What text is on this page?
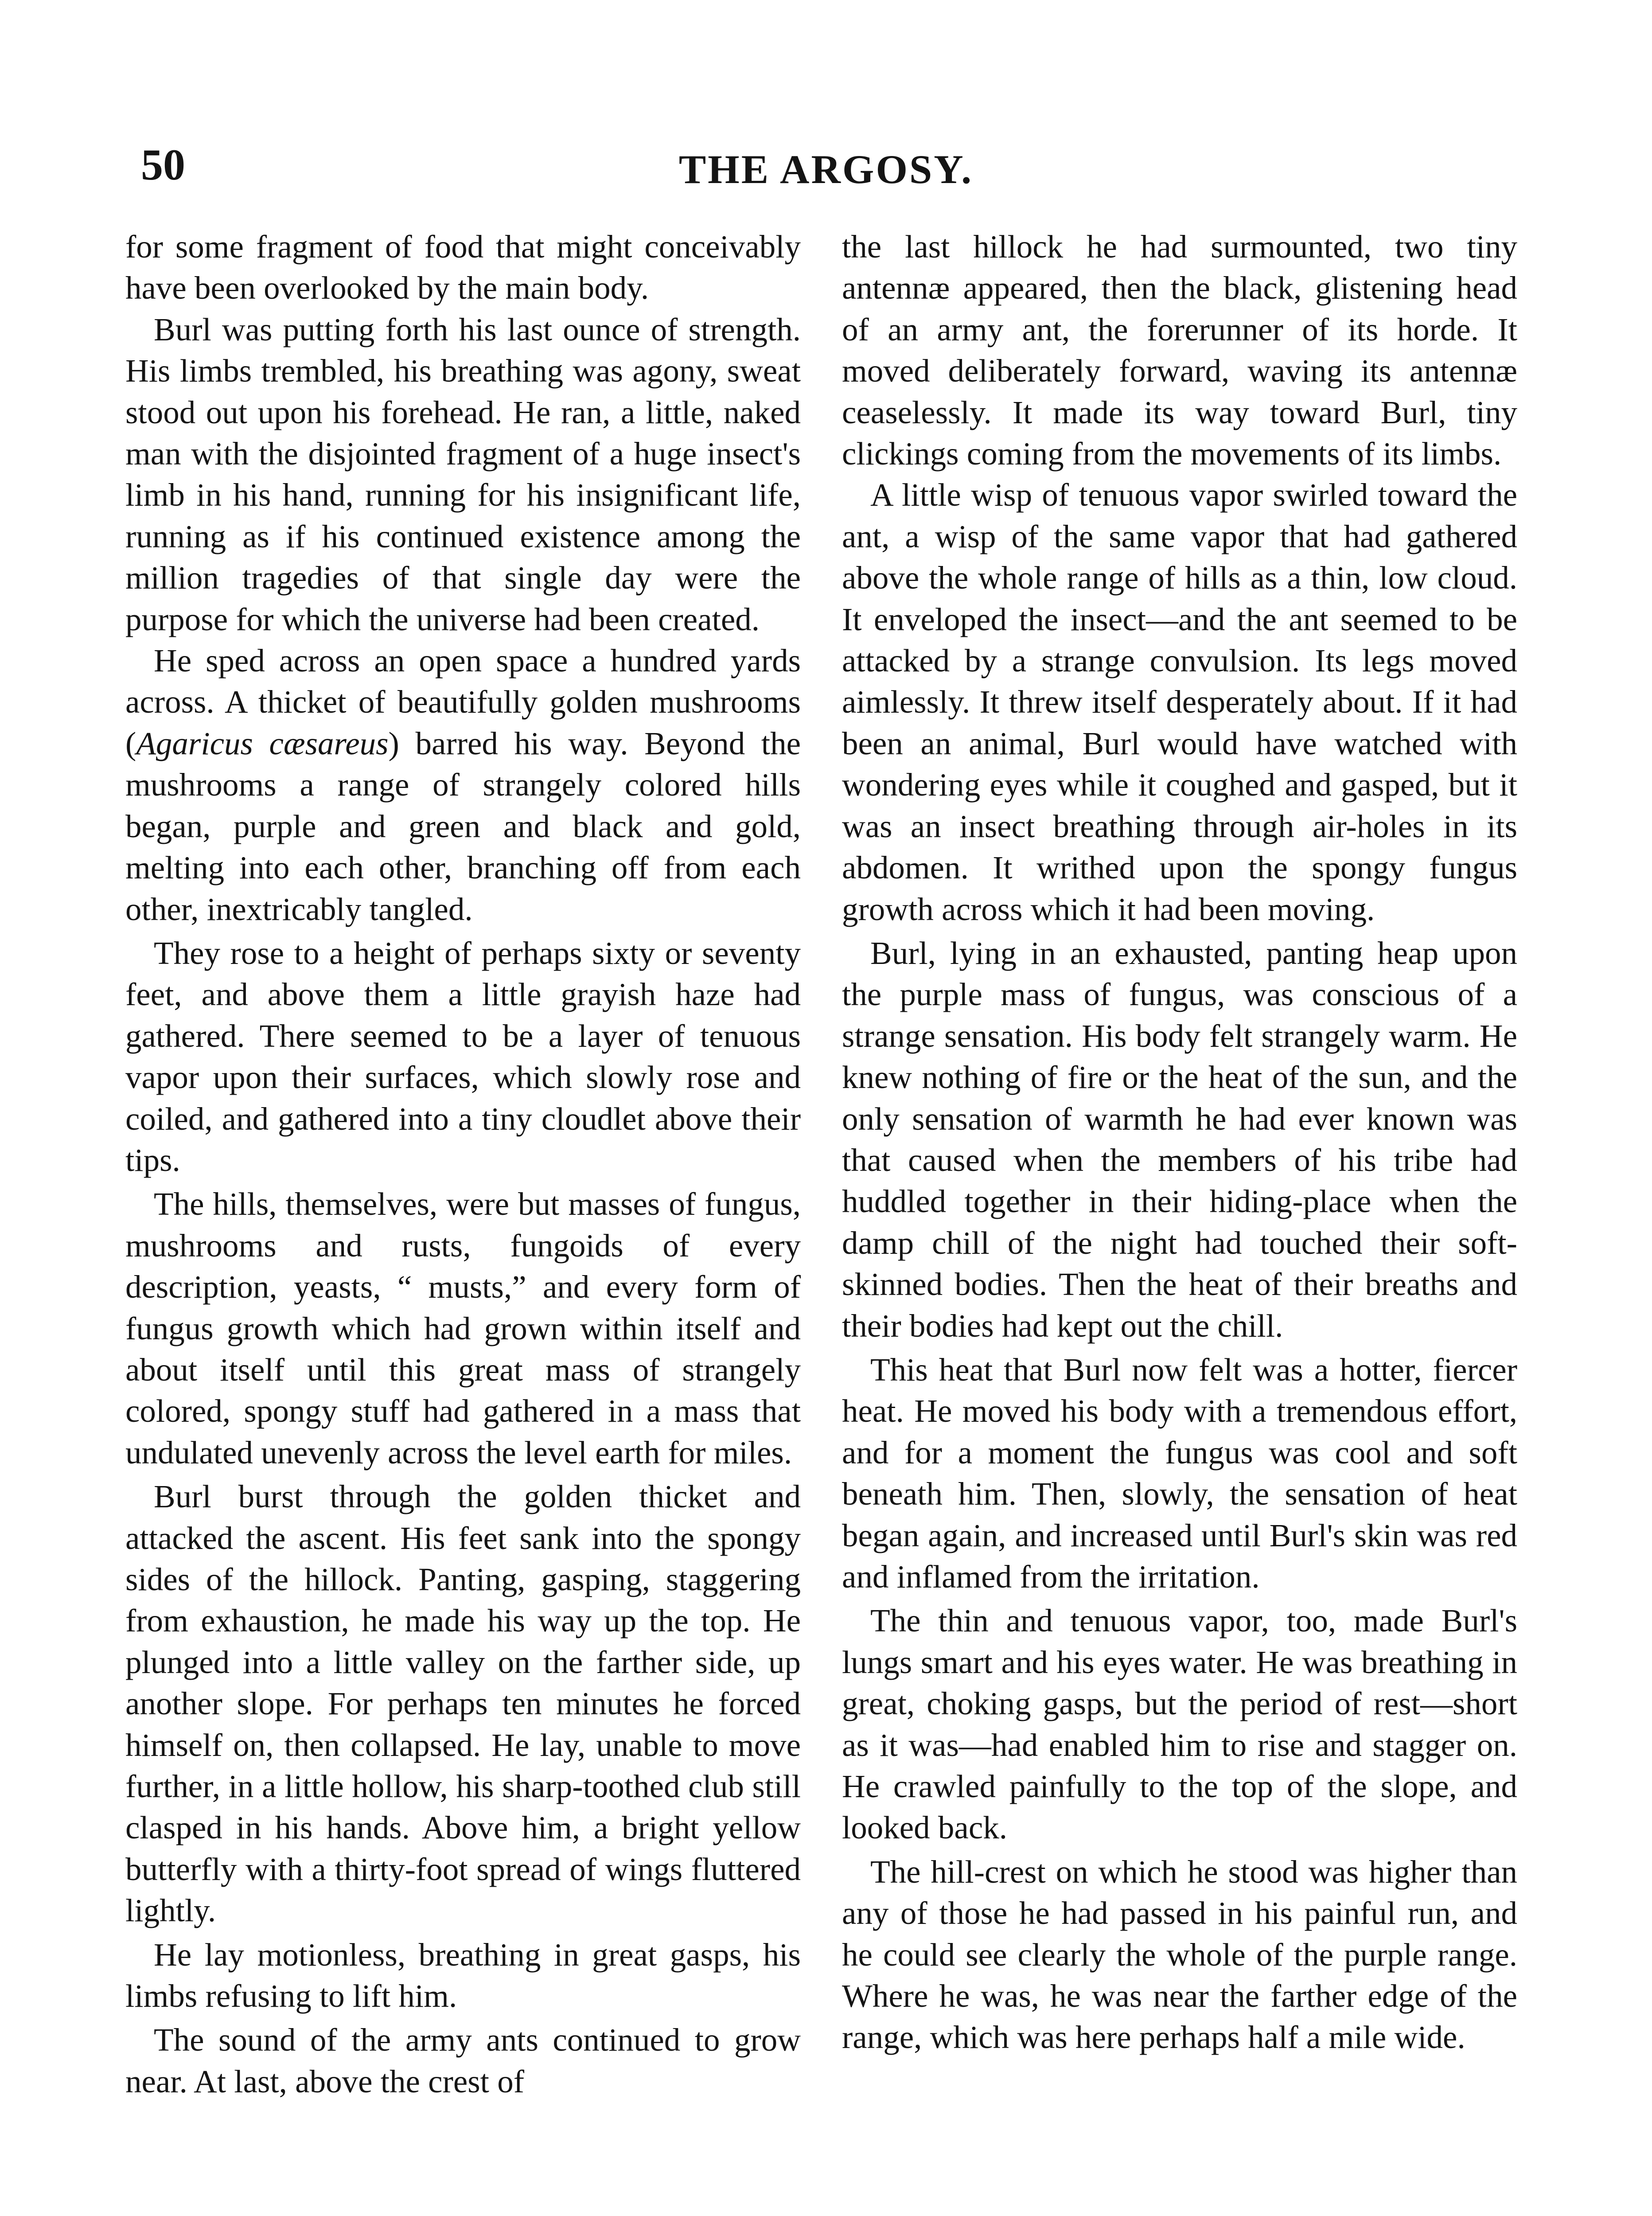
50	THE ARGOSY.

for some fragment of food that might conceivably have been overlooked by the main body.

Burl was putting forth his last ounce of strength. His limbs trembled, his breathing was agony, sweat stood out upon his forehead. He ran, a little, naked man with the disjointed fragment of a huge insect's limb in his hand, running for his insignificant life, running as if his continued existence among the million tragedies of that single day were the purpose for which the universe had been created.

He sped across an open space a hundred yards across. A thicket of beautifully golden mushrooms (Agaricus cæsareus) barred his way. Beyond the mushrooms a range of strangely colored hills began, purple and green and black and gold, melting into each other, branching off from each other, inextricably tangled.

They rose to a height of perhaps sixty or seventy feet, and above them a little grayish haze had gathered. There seemed to be a layer of tenuous vapor upon their surfaces, which slowly rose and coiled, and gathered into a tiny cloudlet above their tips.

The hills, themselves, were but masses of fungus, mushrooms and rusts, fungoids of every description, yeasts, “ musts,” and every form of fungus growth which had grown within itself and about itself until this great mass of strangely colored, spongy stuff had gathered in a mass that undulated unevenly across the level earth for miles.

Burl burst through the golden thicket and attacked the ascent. His feet sank into the spongy sides of the hillock. Panting, gasping, staggering from exhaustion, he made his way up the top. He plunged into a little valley on the farther side, up another slope. For perhaps ten minutes he forced himself on, then collapsed. He lay, unable to move further, in a little hollow, his sharp-toothed club still clasped in his hands. Above him, a bright yellow butterfly with a thirty-foot spread of wings fluttered lightly.

He lay motionless, breathing in great gasps, his limbs refusing to lift him.

The sound of the army ants continued to grow near. At last, above the crest of

the last hillock he had surmounted, two tiny antennæ appeared, then the black, glistening head of an army ant, the forerunner of its horde. It moved deliberately forward, waving its antennæ ceaselessly. It made its way toward Burl, tiny clickings coming from the movements of its limbs.

A little wisp of tenuous vapor swirled toward the ant, a wisp of the same vapor that had gathered above the whole range of hills as a thin, low cloud. It enveloped the insect—and the ant seemed to be attacked by a strange convulsion. Its legs moved aimlessly. It threw itself desperately about. If it had been an animal, Burl would have watched with wondering eyes while it coughed and gasped, but it was an insect breathing through air-holes in its abdomen. It writhed upon the spongy fungus growth across which it had been moving.

Burl, lying in an exhausted, panting heap upon the purple mass of fungus, was conscious of a strange sensation. His body felt strangely warm. He knew nothing of fire or the heat of the sun, and the only sensation of warmth he had ever known was that caused when the members of his tribe had huddled together in their hiding-place when the damp chill of the night had touched their soft-skinned bodies. Then the heat of their breaths and their bodies had kept out the chill.

This heat that Burl now felt was a hotter, fiercer heat. He moved his body with a tremendous effort, and for a moment the fungus was cool and soft beneath him. Then, slowly, the sensation of heat began again, and increased until Burl's skin was red and inflamed from the irritation.

The thin and tenuous vapor, too, made Burl's lungs smart and his eyes water. He was breathing in great, choking gasps, but the period of rest—short as it was—had enabled him to rise and stagger on. He crawled painfully to the top of the slope, and looked back.

The hill-crest on which he stood was higher than any of those he had passed in his painful run, and he could see clearly the whole of the purple range. Where he was, he was near the farther edge of the range, which was here perhaps half a mile wide.
